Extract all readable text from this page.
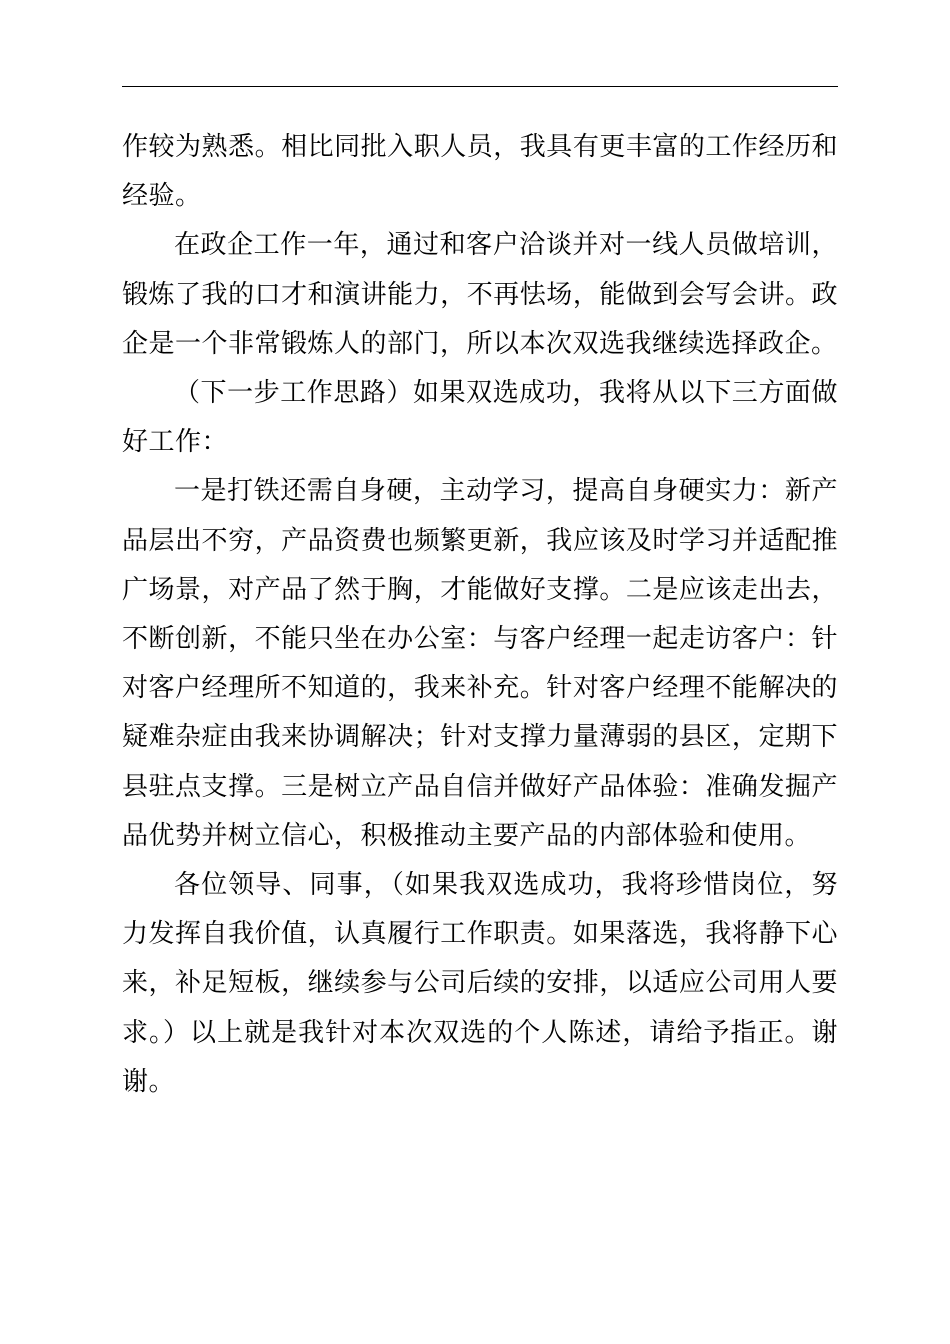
作较为熟悉。相比同批入职人员，我具有更丰富的工作经历和经验。

在政企工作一年，通过和客户洽谈并对一线人员做培训，锻炼了我的口才和演讲能力，不再怯场，能做到会写会讲。政企是一个非常锻炼人的部门，所以本次双选我继续选择政企。

（下一步工作思路）如果双选成功，我将从以下三方面做好工作：

一是打铁还需自身硬，主动学习，提高自身硬实力：新产品层出不穷，产品资费也频繁更新，我应该及时学习并适配推广场景，对产品了然于胸，才能做好支撑。二是应该走出去，不断创新，不能只坐在办公室：与客户经理一起走访客户：针对客户经理所不知道的，我来补充。针对客户经理不能解决的疑难杂症由我来协调解决；针对支撑力量薄弱的县区，定期下县驻点支撑。三是树立产品自信并做好产品体验：准确发掘产品优势并树立信心，积极推动主要产品的内部体验和使用。

各位领导、同事，（如果我双选成功，我将珍惜岗位，努力发挥自我价值，认真履行工作职责。如果落选，我将静下心来，补足短板，继续参与公司后续的安排，以适应公司用人要求。）以上就是我针对本次双选的个人陈述，请给予指正。谢谢。
